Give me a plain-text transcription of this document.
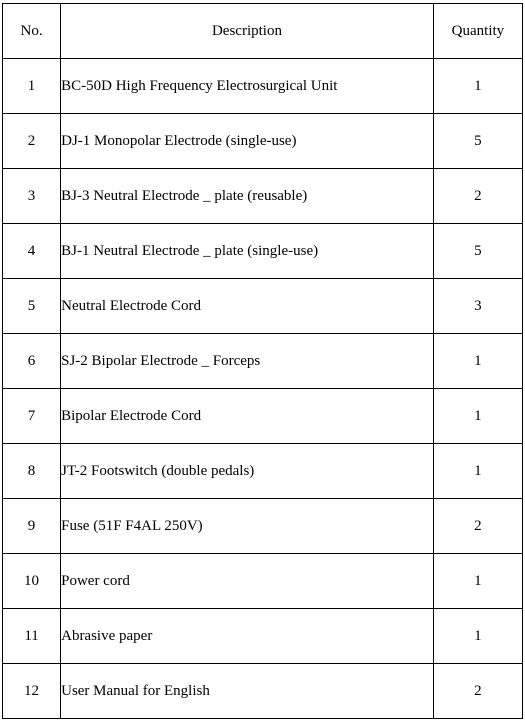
No.	Description	Quantity
1	BC-50D High Frequency Electrosurgical Unit	1
2	DJ-1 Monopolar Electrode (single-use)	5
3	BJ-3 Neutral Electrode _ plate (reusable)	2
4	BJ-1 Neutral Electrode _ plate (single-use)	5
5	Neutral Electrode Cord	3
6	SJ-2 Bipolar Electrode _ Forceps	1
7	Bipolar Electrode Cord	1
8	JT-2 Footswitch (double pedals)	1
9	Fuse (51F F4AL 250V)	2
10	Power cord	1
11	Abrasive paper	1
12	User Manual for English	2
